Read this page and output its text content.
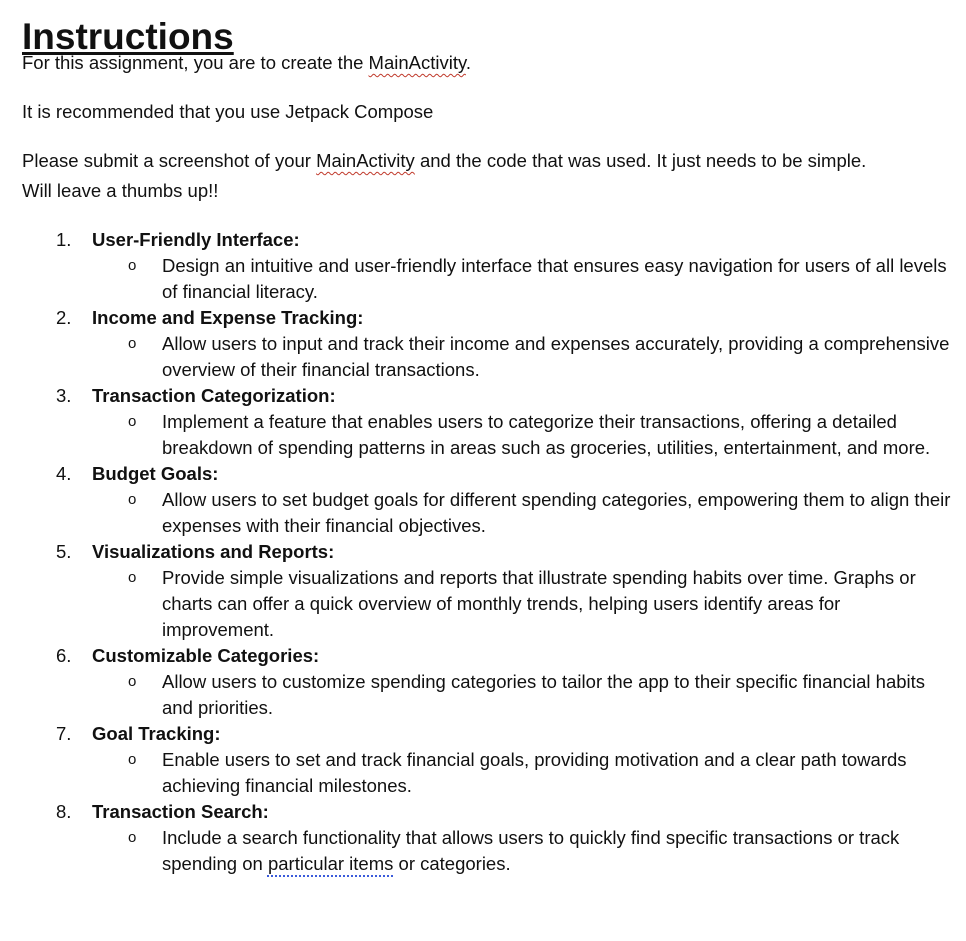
Instructions

For this assignment, you are to create the MainActivity.

It is recommended that you use Jetpack Compose

Please submit a screenshot of your MainActivity and the code that was used. It just needs to be simple.

Will leave a thumbs up!!

1. User-Friendly Interface:
o Design an intuitive and user-friendly interface that ensures easy navigation for users of all levels of financial literacy.
2. Income and Expense Tracking:
o Allow users to input and track their income and expenses accurately, providing a comprehensive overview of their financial transactions.
3. Transaction Categorization:
o Implement a feature that enables users to categorize their transactions, offering a detailed breakdown of spending patterns in areas such as groceries, utilities, entertainment, and more.
4. Budget Goals:
o Allow users to set budget goals for different spending categories, empowering them to align their expenses with their financial objectives.
5. Visualizations and Reports:
o Provide simple visualizations and reports that illustrate spending habits over time. Graphs or charts can offer a quick overview of monthly trends, helping users identify areas for improvement.
6. Customizable Categories:
o Allow users to customize spending categories to tailor the app to their specific financial habits and priorities.
7. Goal Tracking:
o Enable users to set and track financial goals, providing motivation and a clear path towards achieving financial milestones.
8. Transaction Search:
o Include a search functionality that allows users to quickly find specific transactions or track spending on particular items or categories.
